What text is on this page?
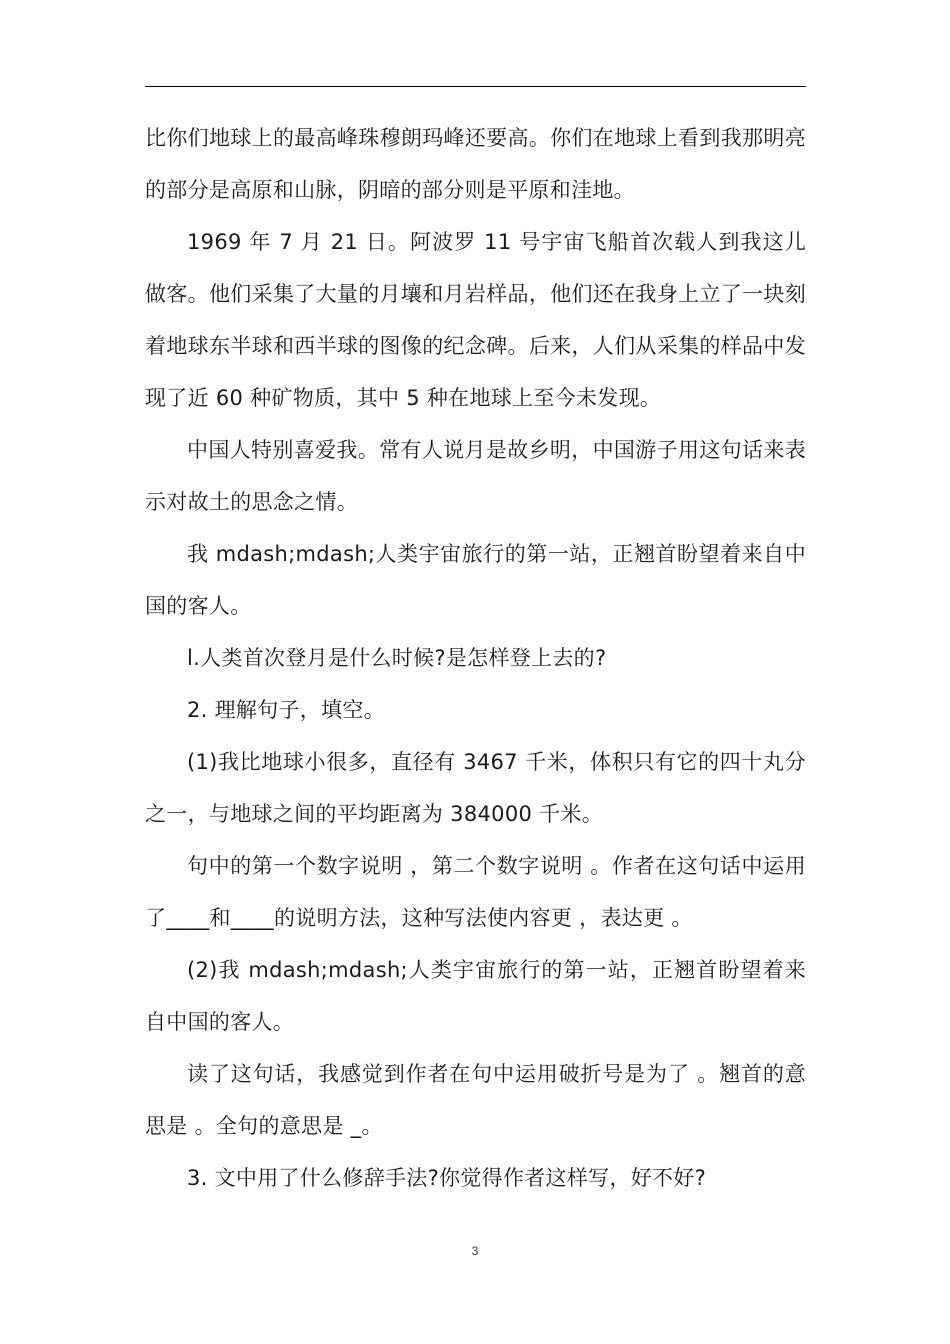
比你们地球上的最高峰珠穆朗玛峰还要高。你们在地球上看到我那明亮的部分是高原和山脉，阴暗的部分则是平原和洼地。

1969 年 7 月 21 日。阿波罗 11 号宇宙飞船首次载人到我这儿做客。他们采集了大量的月壤和月岩样品，他们还在我身上立了一块刻着地球东半球和西半球的图像的纪念碑。后来，人们从采集的样品中发现了近 60 种矿物质，其中 5 种在地球上至今未发现。

中国人特别喜爱我。常有人说月是故乡明，中国游子用这句话来表示对故土的思念之情。

我 mdash;mdash;人类宇宙旅行的第一站，正翘首盼望着来自中国的客人。

l.人类首次登月是什么时候?是怎样登上去的?

2. 理解句子，填空。

(1)我比地球小很多，直径有 3467 千米，体积只有它的四十丸分之一，与地球之间的平均距离为 384000 千米。

句中的第一个数字说明 ，第二个数字说明 。作者在这句话中运用了____和____的说明方法，这种写法使内容更 ，表达更 。

(2)我 mdash;mdash;人类宇宙旅行的第一站，正翘首盼望着来自中国的客人。

读了这句话，我感觉到作者在句中运用破折号是为了 。翘首的意思是 。全句的意思是 _。

3. 文中用了什么修辞手法?你觉得作者这样写，好不好?

3
